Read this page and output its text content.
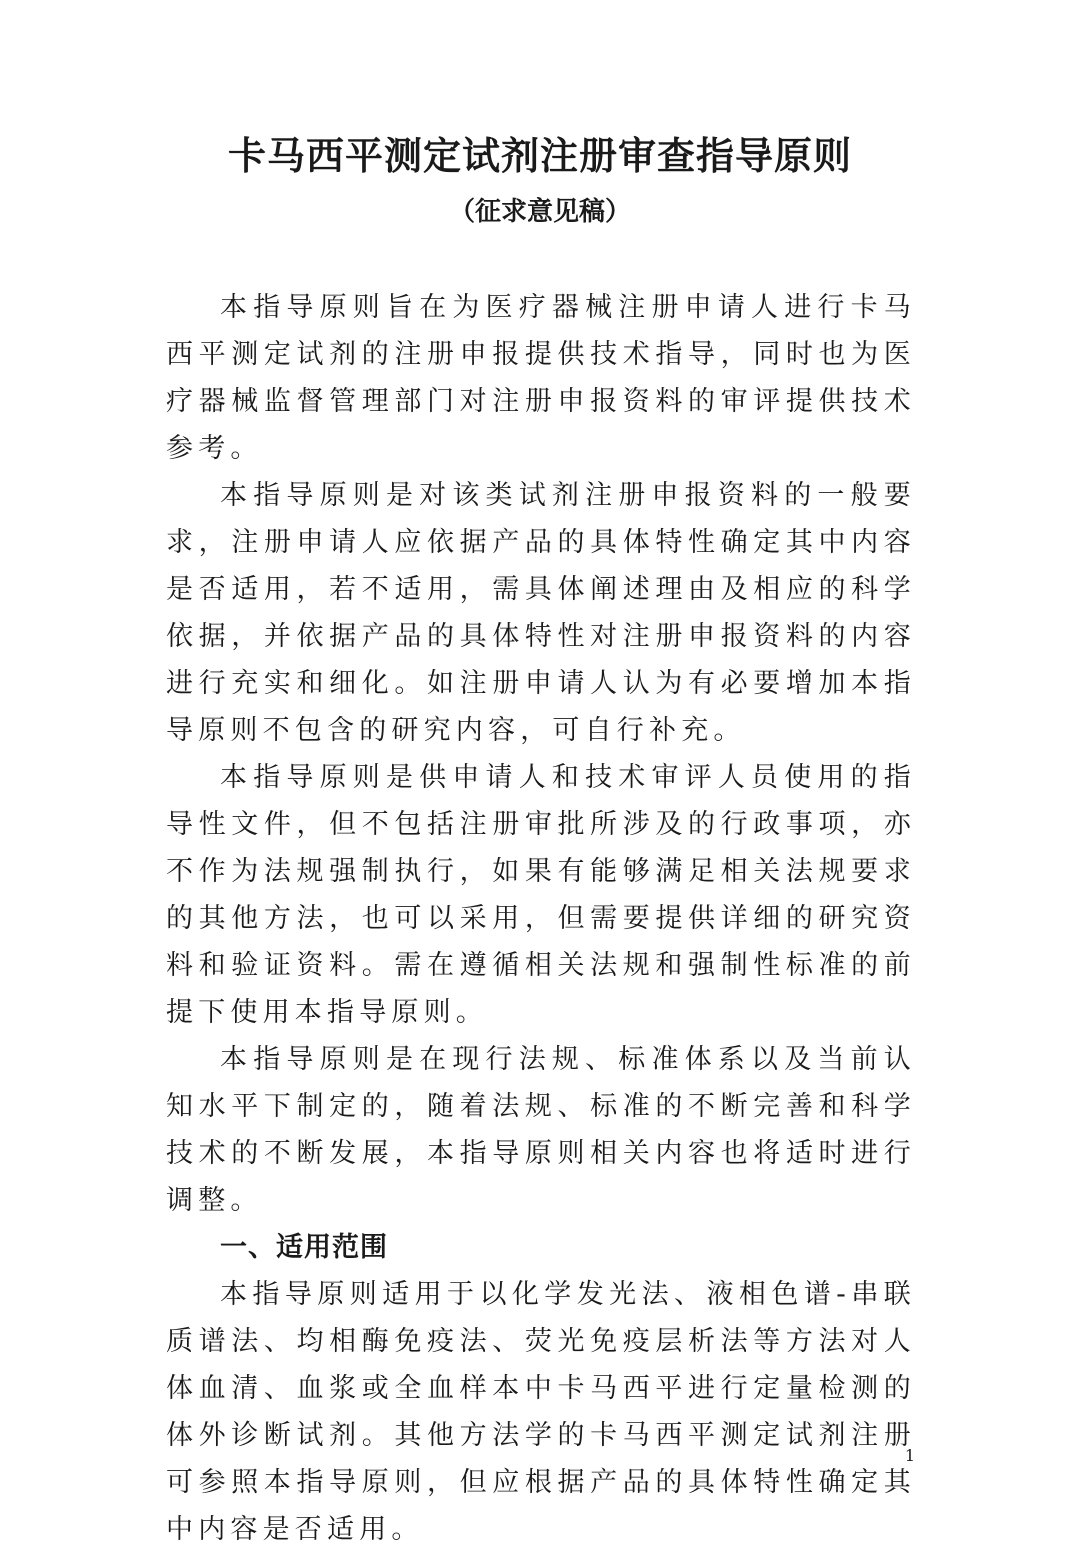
卡马西平测定试剂注册审查指导原则
（征求意见稿）

本指导原则旨在为医疗器械注册申请人进行卡马西平测定试剂的注册申报提供技术指导，同时也为医疗器械监督管理部门对注册申报资料的审评提供技术参考。

本指导原则是对该类试剂注册申报资料的一般要求，注册申请人应依据产品的具体特性确定其中内容是否适用，若不适用，需具体阐述理由及相应的科学依据，并依据产品的具体特性对注册申报资料的内容进行充实和细化。如注册申请人认为有必要增加本指导原则不包含的研究内容，可自行补充。

本指导原则是供申请人和技术审评人员使用的指导性文件，但不包括注册审批所涉及的行政事项，亦不作为法规强制执行，如果有能够满足相关法规要求的其他方法，也可以采用，但需要提供详细的研究资料和验证资料。需在遵循相关法规和强制性标准的前提下使用本指导原则。

本指导原则是在现行法规、标准体系以及当前认知水平下制定的，随着法规、标准的不断完善和科学技术的不断发展，本指导原则相关内容也将适时进行调整。

一、适用范围

本指导原则适用于以化学发光法、液相色谱-串联质谱法、均相酶免疫法、荧光免疫层析法等方法对人体血清、血浆或全血样本中卡马西平进行定量检测的体外诊断试剂。其他方法学的卡马西平测定试剂注册可参照本指导原则，但应根据产品的具体特性确定其中内容是否适用。

1
